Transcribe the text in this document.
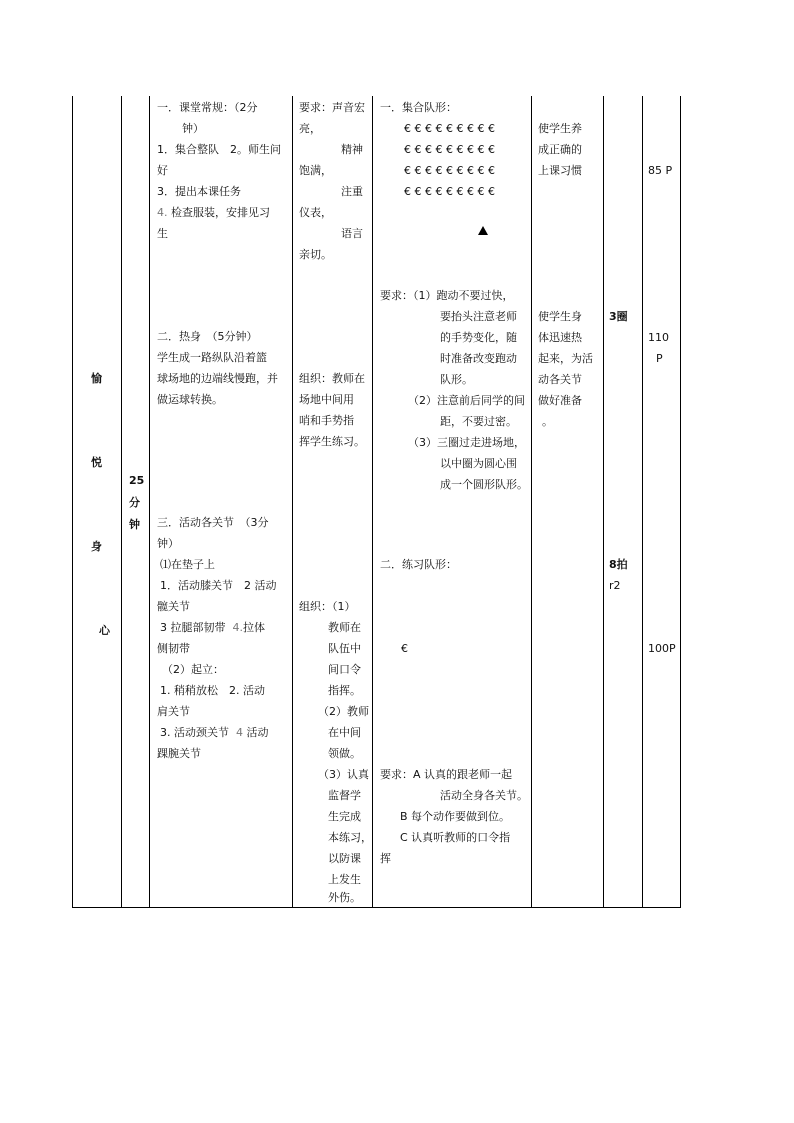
愉
悦
身
心
25
分
钟
一．课堂常规：（2分
钟）
1．集合整队　2。师生问
好
3．提出本课任务
4. 检查服装，安排见习
生
二．热身　（5分钟）
学生成一路纵队沿着篮
球场地的边端线慢跑，并
做运球转换。
三．活动各关节　（3分
钟）
⑴在垫子上
1．活动膝关节　2 活动
髋关节
3 拉腿部韧带 4.拉体
侧韧带
（2）起立：
1. 稍稍放松　2. 活动
肩关节
3. 活动颈关节 4 活动
踝腕关节
要求：声音宏
亮，
精神
饱满，
注重
仪表，
语言
亲切。
组织：教师在
场地中间用
哨和手势指
挥学生练习。
组织：（1）
教师在
队伍中
间口令
指挥。
（2）教师
在中间
领做。
（3）认真
监督学
生完成
本练习，
以防课
上发生
外伤。
一．集合队形：
€ € € € € € € € €
€ € € € € € € € €
€ € € € € € € € €
€ € € € € € € € €
要求：（1）跑动不要过快，
要抬头注意老师
的手势变化，随
时准备改变跑动
队形。
（2）注意前后同学的间
距，不要过密。
（3）三圈过走进场地，
以中圈为圆心围
成一个圆形队形。
二．练习队形：
€
要求：A 认真的跟老师一起
活动全身各关节。
B 每个动作要做到位。
C 认真听教师的口令指
挥
使学生养
成正确的
上课习惯
使学生身
体迅速热
起来，为活
动各关节
做好准备
。
3圈
8拍
r2
85 P
110
P
100P
